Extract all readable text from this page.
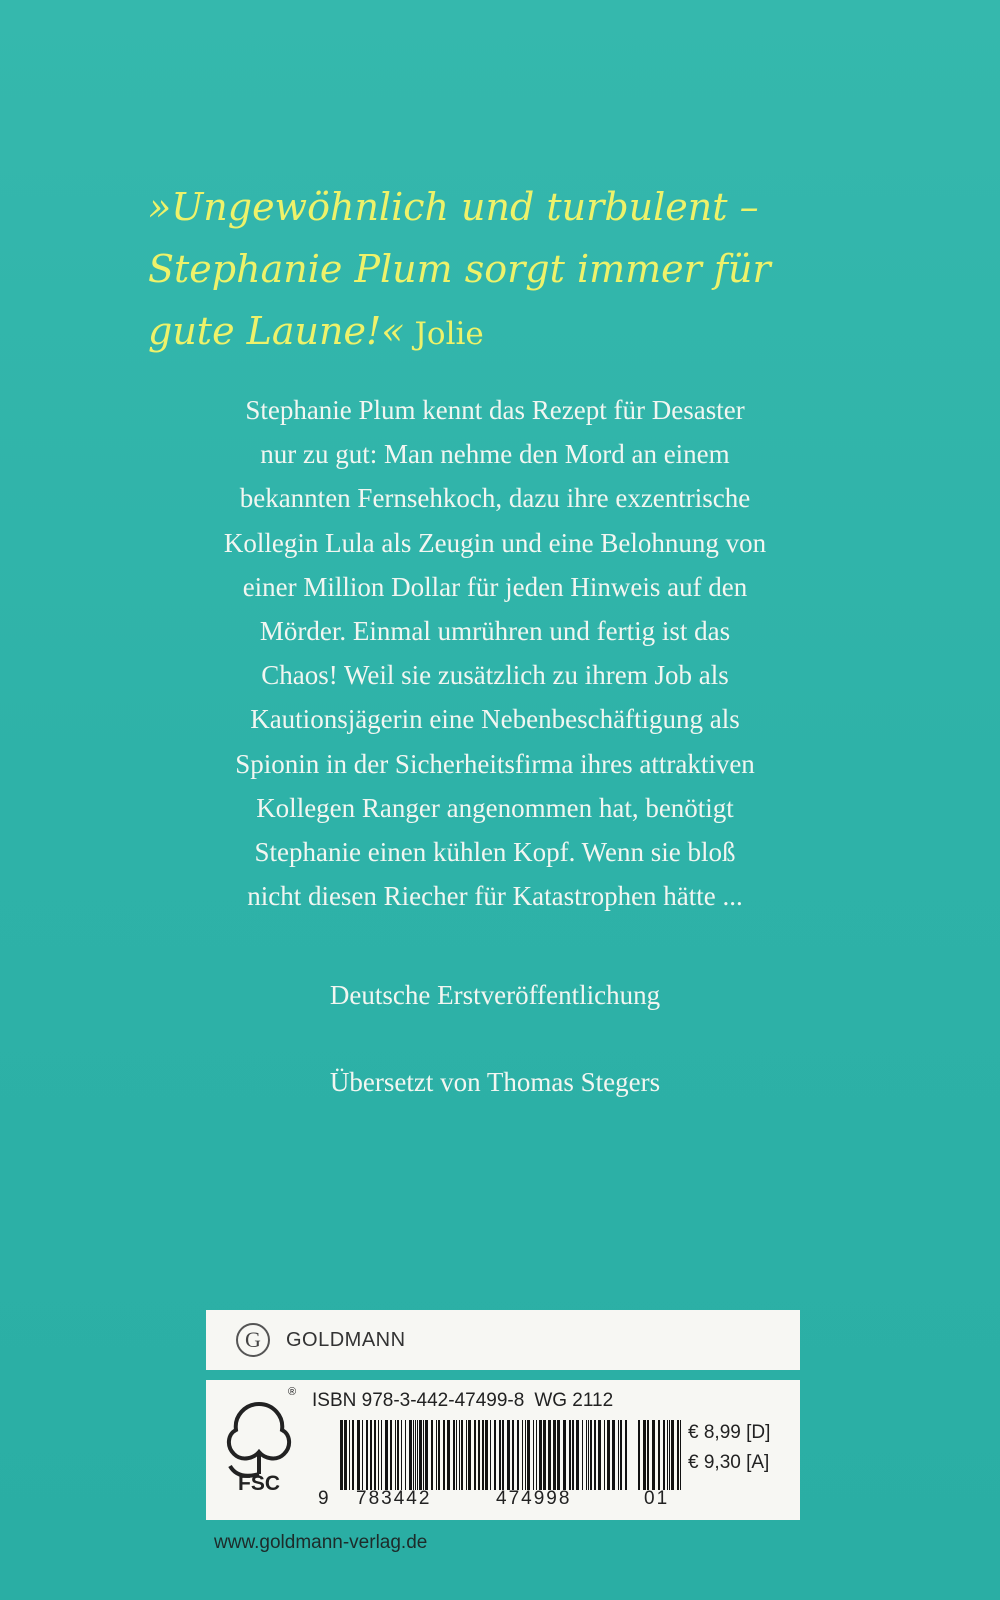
»Ungewöhnlich und turbulent –
Stephanie Plum sorgt immer für
gute Laune!« Jolie

Stephanie Plum kennt das Rezept für Desaster
nur zu gut: Man nehme den Mord an einem
bekannten Fernsehkoch, dazu ihre exzentrische
Kollegin Lula als Zeugin und eine Belohnung von
einer Million Dollar für jeden Hinweis auf den
Mörder. Einmal umrühren und fertig ist das
Chaos! Weil sie zusätzlich zu ihrem Job als
Kautionsjägerin eine Nebenbeschäftigung als
Spionin in der Sicherheitsfirma ihres attraktiven
Kollegen Ranger angenommen hat, benötigt
Stephanie einen kühlen Kopf. Wenn sie bloß
nicht diesen Riecher für Katastrophen hätte ...

Deutsche Erstveröffentlichung

Übersetzt von Thomas Stegers

G	GOLDMANN
FSC
® ISBN 978-3-442-47499-8 WG 2112
9 783442	474998	01
€ 8,99 [D]
€ 9,30 [A]
www.goldmann-verlag.de
